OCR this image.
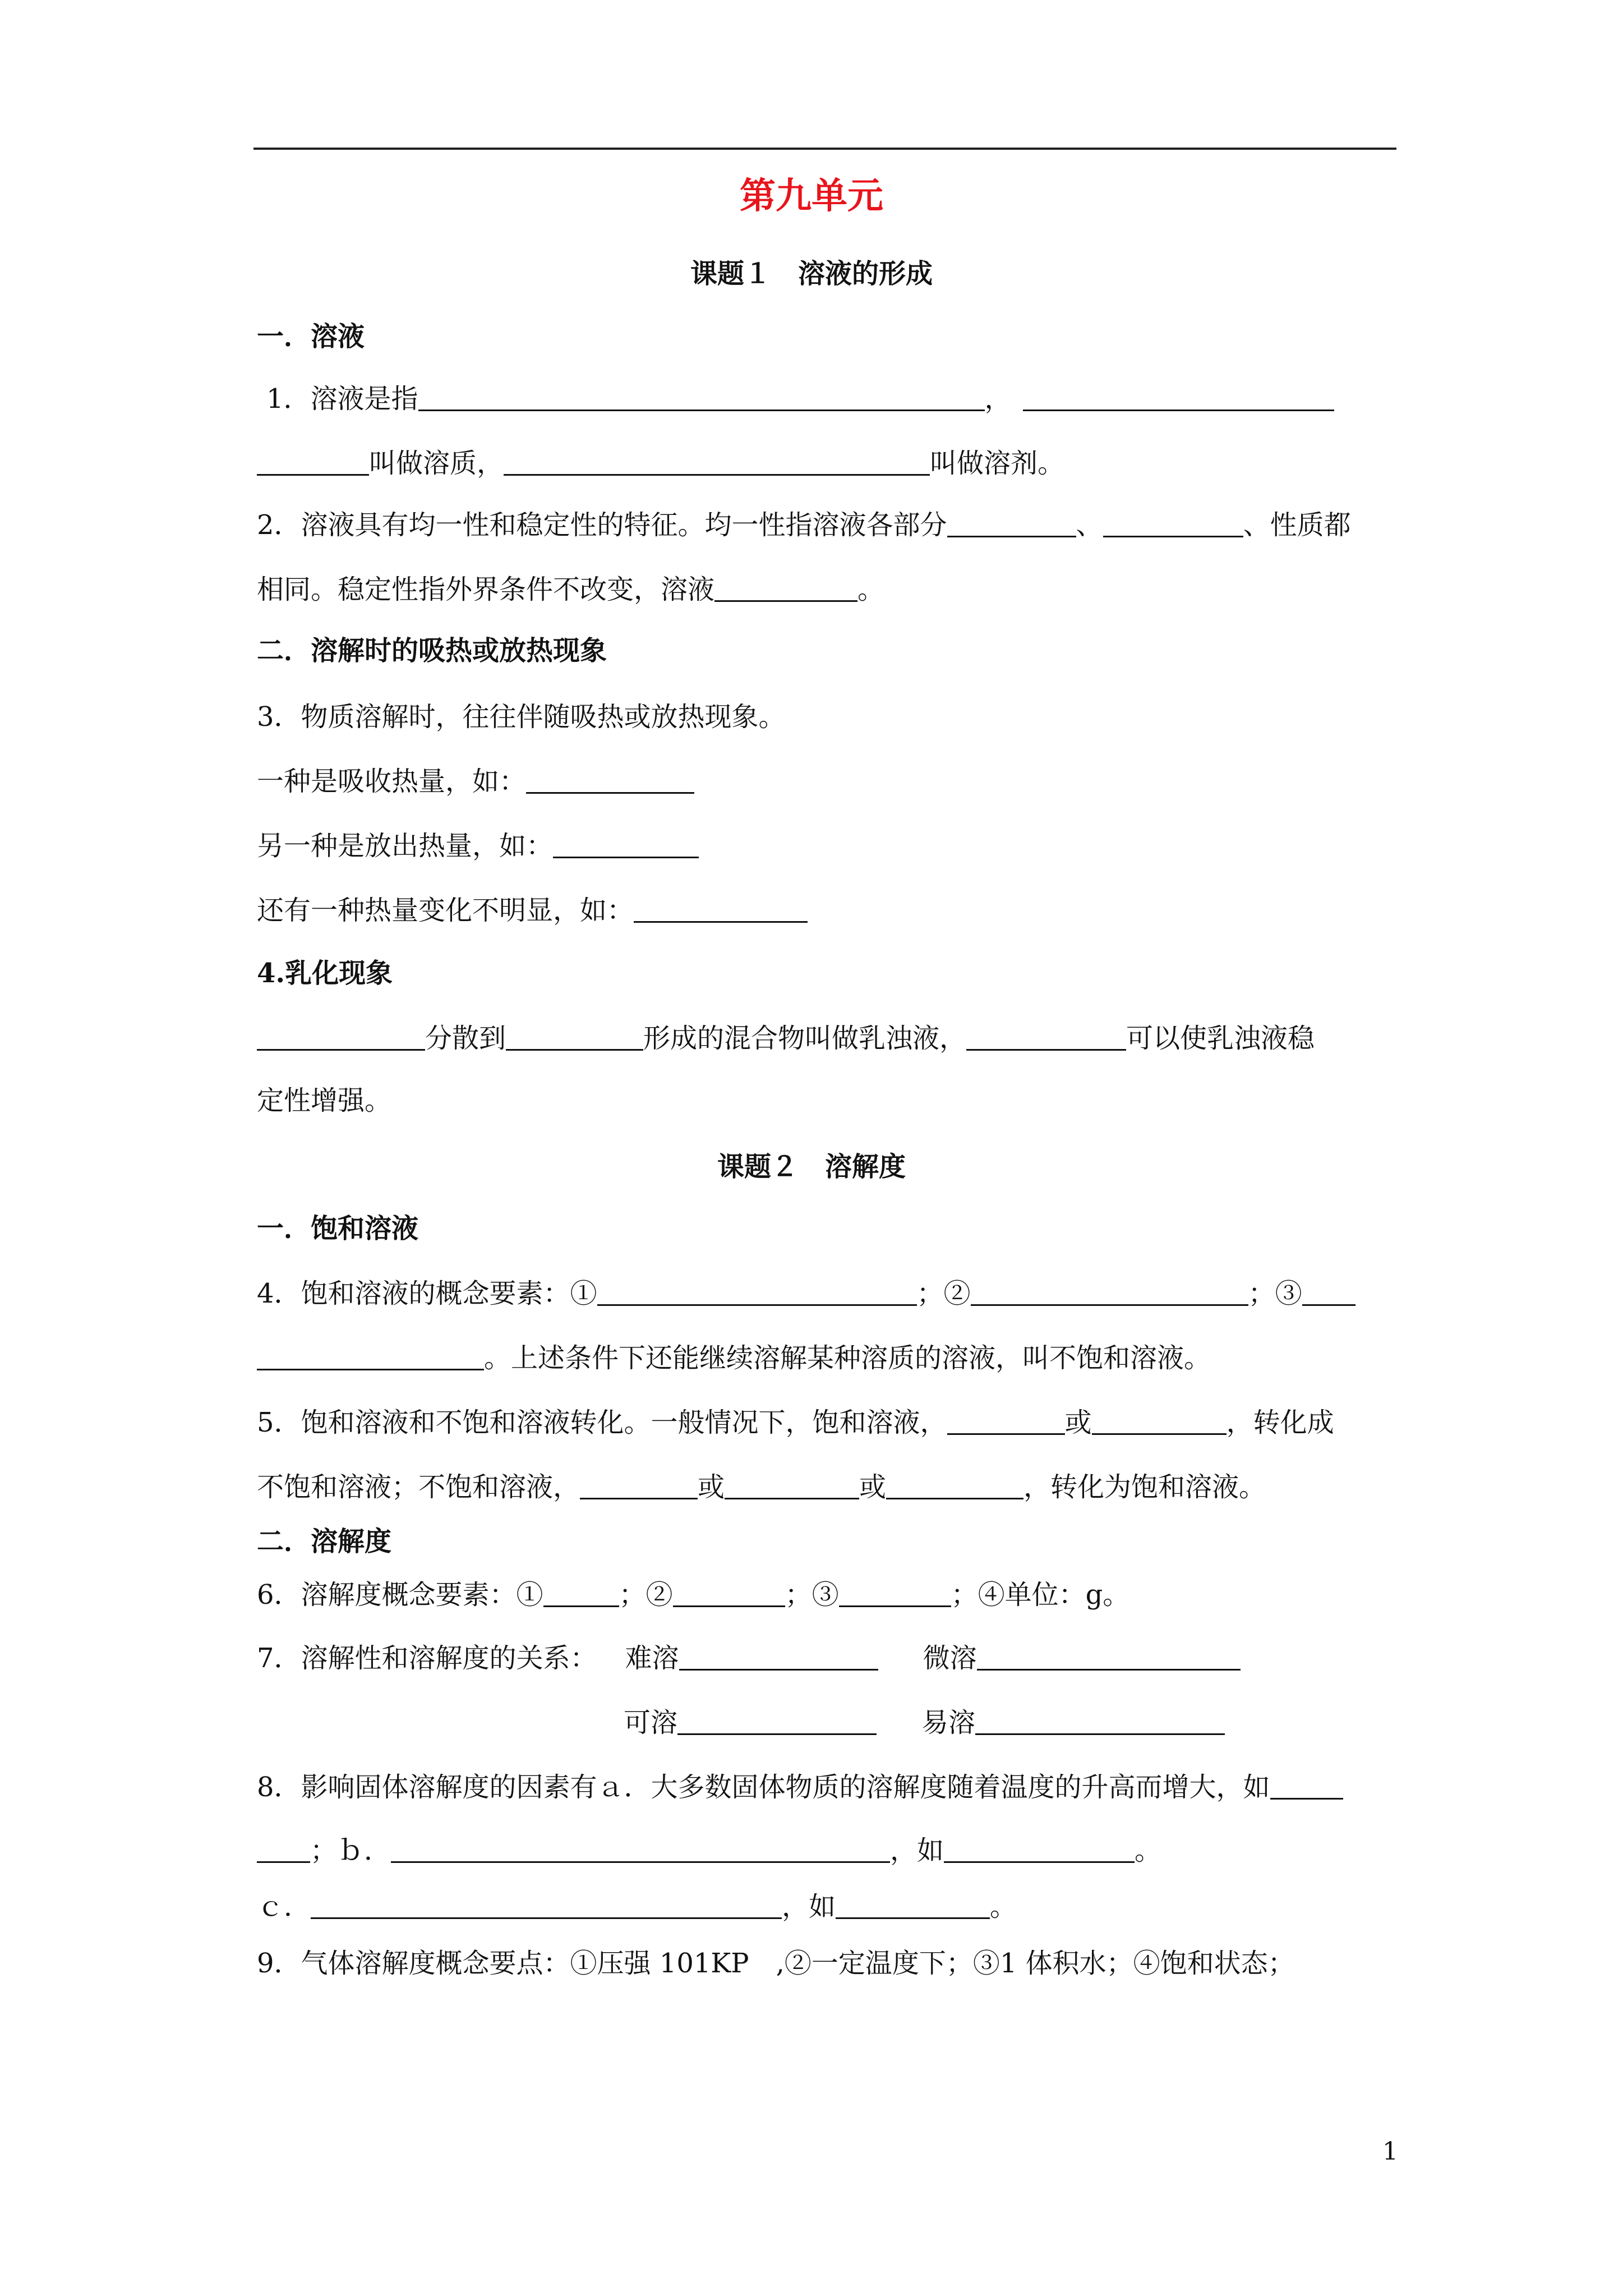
第九单元
课题１　溶液的形成
一．溶液
1．溶液是指	，
叫做溶质，	叫做溶剂。
2．溶液具有均一性和稳定性的特征。均一性指溶液各部分	、	、性质都
相同。稳定性指外界条件不改变，溶液	。
二．溶解时的吸热或放热现象
3．物质溶解时，往往伴随吸热或放热现象。
一种是吸收热量，如：
另一种是放出热量，如：
还有一种热量变化不明显，如：
4.乳化现象
分散到	形成的混合物叫做乳浊液，	可以使乳浊液稳
定性增强。
课题２　溶解度
一．饱和溶液
4．饱和溶液的概念要素：①	；②	；③
。上述条件下还能继续溶解某种溶质的溶液，叫不饱和溶液。
5．饱和溶液和不饱和溶液转化。一般情况下，饱和溶液，	或	，转化成
不饱和溶液；不饱和溶液，	或	或	，转化为饱和溶液。
二．溶解度
6．溶解度概念要素：①	；②	；③	；④单位：g。
7．溶解性和溶解度的关系： 难溶	微溶
可溶	易溶
8．影响固体溶解度的因素有ａ．大多数固体物质的溶解度随着温度的升高而增大，如
；ｂ．	，如	。
ｃ．	，如	。
9．气体溶解度概念要点：①压强 101KP　,②一定温度下；③1 体积水；④饱和状态；
1
